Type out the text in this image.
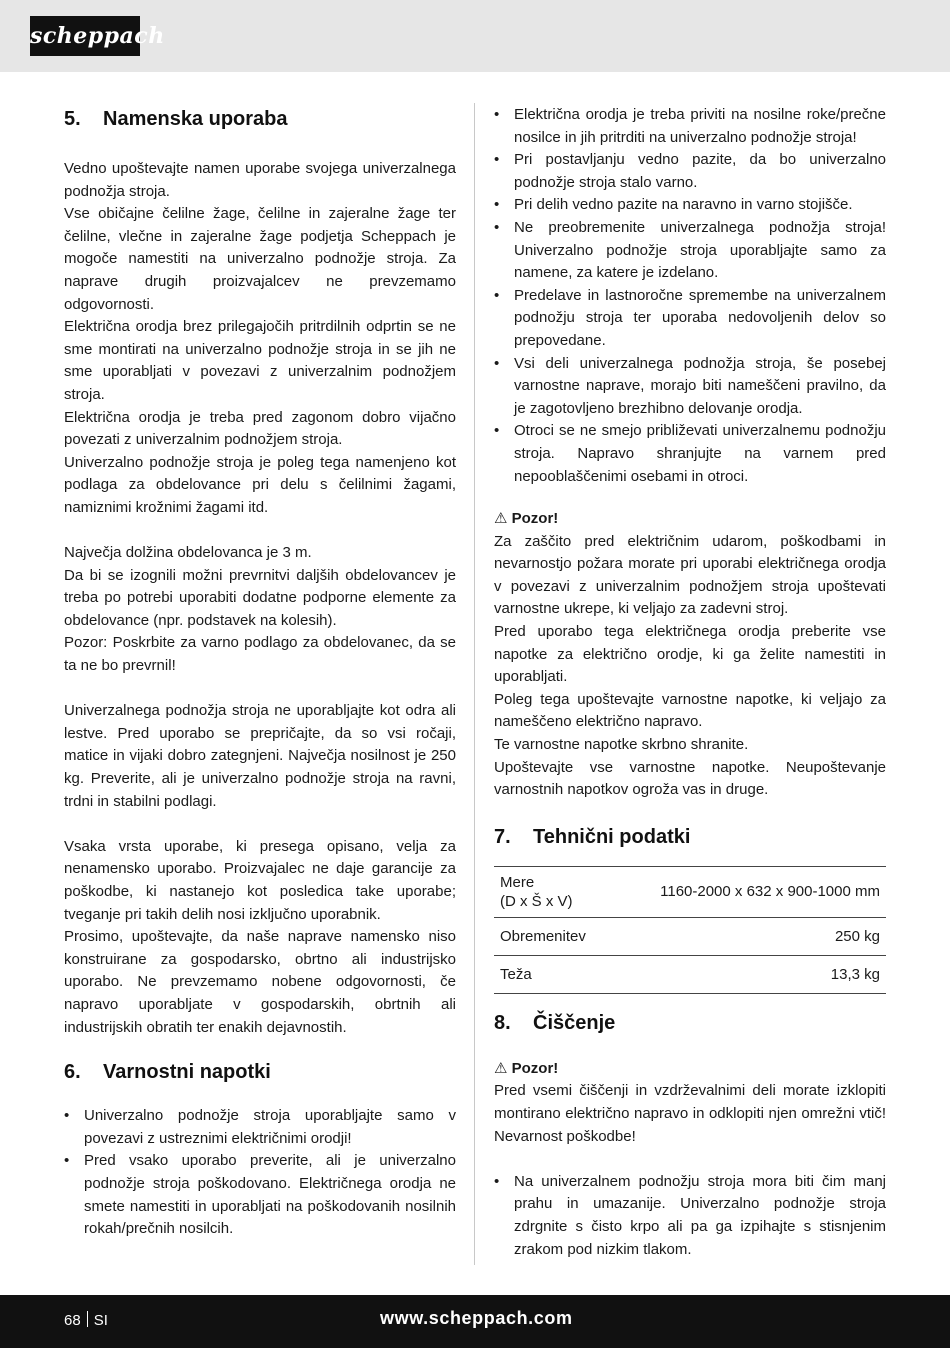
scheppach
5. Namenska uporaba

Vedno upoštevajte namen uporabe svojega univerzalnega podnožja stroja.

Vse običajne čelilne žage, čelilne in zajeralne žage ter čelilne, vlečne in zajeralne žage podjetja Scheppach je mogoče namestiti na univerzalno podnožje stroja. Za naprave drugih proizvajalcev ne prevzemamo odgovornosti.

Električna orodja brez prilegajočih pritrdilnih odprtin se ne sme montirati na univerzalno podnožje stroja in se jih ne sme uporabljati v povezavi z univerzalnim podnožjem stroja.

Električna orodja je treba pred zagonom dobro vijačno povezati z univerzalnim podnožjem stroja.

Univerzalno podnožje stroja je poleg tega namenjeno kot podlaga za obdelovance pri delu s čelilnimi žagami, namiznimi krožnimi žagami itd.

Največja dolžina obdelovanca je 3 m.

Da bi se izognili možni prevrnitvi daljših obdelovancev je treba po potrebi uporabiti dodatne podporne elemente za obdelovance (npr. podstavek na kolesih).

Pozor: Poskrbite za varno podlago za obdelovanec, da se ta ne bo prevrnil!

Univerzalnega podnožja stroja ne uporabljajte kot odra ali lestve. Pred uporabo se prepričajte, da so vsi ročaji, matice in vijaki dobro zategnjeni. Največja nosilnost je 250 kg. Preverite, ali je univerzalno podnožje stroja na ravni, trdni in stabilni podlagi.

Vsaka vrsta uporabe, ki presega opisano, velja za nenamensko uporabo. Proizvajalec ne daje garancije za poškodbe, ki nastanejo kot posledica take uporabe; tveganje pri takih delih nosi izključno uporabnik.

Prosimo, upoštevajte, da naše naprave namensko niso konstruirane za gospodarsko, obrtno ali industrijsko uporabo. Ne prevzemamo nobene odgovornosti, če napravo uporabljate v gospodarskih, obrtnih ali industrijskih obratih ter enakih dejavnostih.

6. Varnostni napotki
• Univerzalno podnožje stroja uporabljajte samo v povezavi z ustreznimi električnimi orodji!
• Pred vsako uporabo preverite, ali je univerzalno podnožje stroja poškodovano. Električnega orodja ne smete namestiti in uporabljati na poškodovanih nosilnih rokah/prečnih nosilcih.
• Električna orodja je treba priviti na nosilne roke/prečne nosilce in jih pritrditi na univerzalno podnožje stroja!
• Pri postavljanju vedno pazite, da bo univerzalno podnožje stroja stalo varno.
• Pri delih vedno pazite na naravno in varno stojišče.
• Ne preobremenite univerzalnega podnožja stroja! Univerzalno podnožje stroja uporabljajte samo za namene, za katere je izdelano.
• Predelave in lastnoročne spremembe na univerzalnem podnožju stroja ter uporaba nedovoljenih delov so prepovedane.
• Vsi deli univerzalnega podnožja stroja, še posebej varnostne naprave, morajo biti nameščeni pravilno, da je zagotovljeno brezhibno delovanje orodja.
• Otroci se ne smejo približevati univerzalnemu podnožju stroja. Napravo shranjujte na varnem pred nepooblaščenimi osebami in otroci.
⚠ Pozor!

Za zaščito pred električnim udarom, poškodbami in nevarnostjo požara morate pri uporabi električnega orodja v povezavi z univerzalnim podnožjem stroja upoštevati varnostne ukrepe, ki veljajo za zadevni stroj.

Pred uporabo tega električnega orodja preberite vse napotke za električno orodje, ki ga želite namestiti in uporabljati.

Poleg tega upoštevajte varnostne napotke, ki veljajo za nameščeno električno napravo.

Te varnostne napotke skrbno shranite.

Upoštevajte vse varnostne napotke. Neupoštevanje varnostnih napotkov ogroža vas in druge.

7. Tehnični podatki
Mere
(D x Š x V)	1160-2000 x 632 x 900-1000 mm
Obremenitev	250 kg
Teža	13,3 kg
8. Čiščenje
⚠ Pozor!

Pred vsemi čiščenji in vzdrževalnimi deli morate izklopiti montirano električno napravo in odklopiti njen omrežni vtič! Nevarnost poškodbe!

• Na univerzalnem podnožju stroja mora biti čim manj prahu in umazanije. Univerzalno podnožje stroja zdrgnite s čisto krpo ali pa ga izpihajte s stisnjenim zrakom pod nizkim tlakom.
68 SI	www.scheppach.com
